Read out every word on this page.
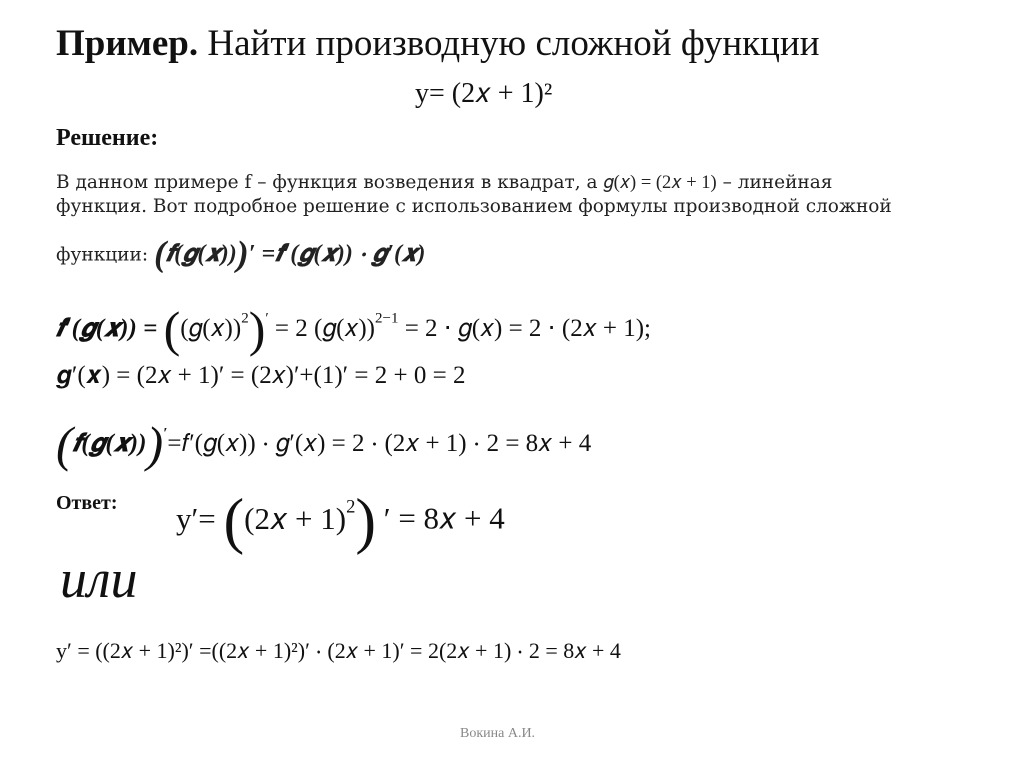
Пример. Найти производную сложной функции
y= (2𝑥 + 1)²
Решение:
В данном примере f – функция возведения в квадрат, а 𝑔(𝑥) = (2𝑥 + 1) – линейная
функция. Вот подробное решение с использованием формулы производной сложной
функции: (𝒇(𝒈(𝒙)))′ =𝒇′(𝒈(𝒙)) ⋅ 𝒈′(𝒙)
𝒇′(𝒈(𝒙)) = ((𝑔(𝑥))$^2$)′ = 2 (𝑔(𝑥))$^{2-1}$ = 2 ⋅ 𝑔(𝑥) = 2 ⋅ (2𝑥 + 1);
𝒈′(𝒙) = (2𝑥 + 1)′ = (2𝑥)′+(1)′ = 2 + 0 = 2
(𝒇(𝒈(𝒙)))′=𝑓′(𝑔(𝑥)) ⋅ 𝑔′(𝑥) = 2 ⋅ (2𝑥 + 1) ⋅ 2 = 8𝑥 + 4
Ответ: y′= ((2𝑥 + 1)$^2$) ′ = 8𝑥 + 4
или
y′ = ((2𝑥 + 1)²)′ =((2𝑥 + 1)²)′ ⋅ (2𝑥 + 1)′ = 2(2𝑥 + 1) ⋅ 2 = 8𝑥 + 4
Вокина А.И.
